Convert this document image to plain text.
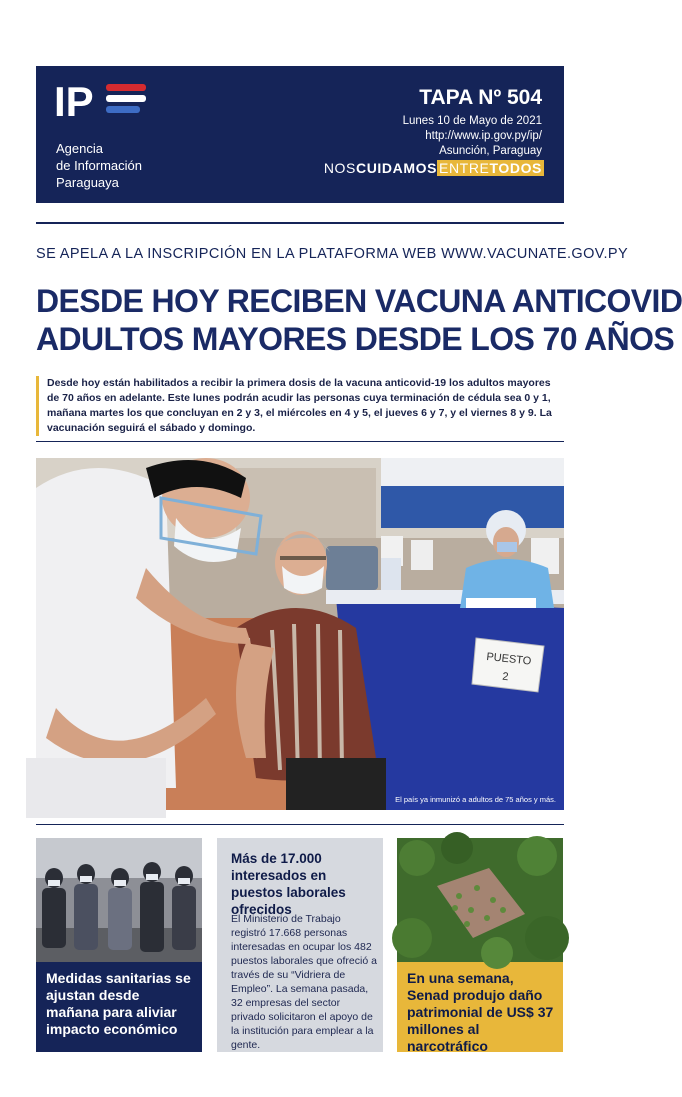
IP
Agencia
de Información
Paraguaya
TAPA Nº 504
Lunes 10 de Mayo de 2021
http://www.ip.gov.py/ip/
Asunción, Paraguay
NOSCUIDAMOS ENTRETODOS
SE APELA A LA INSCRIPCIÓN EN LA PLATAFORMA WEB WWW.VACUNATE.GOV.PY
DESDE HOY RECIBEN VACUNA ANTICOVID
ADULTOS MAYORES DESDE LOS 70 AÑOS
Desde hoy están habilitados a recibir la primera dosis de la vacuna anticovid-19 los adultos mayores de 70 años en adelante. Este lunes podrán acudir las personas cuya terminación de cédula sea 0 y 1, mañana martes los que concluyan en 2 y 3, el miércoles en 4 y 5, el jueves 6 y 7, y el viernes 8 y 9. La vacunación seguirá el sábado y domingo.
PUESTO
2
El país ya inmunizó a adultos de 75 años y más.
Medidas sanitarias se ajustan desde mañana para aliviar impacto económico
Más de 17.000 interesados en puestos laborales ofrecidos
El Ministerio de Trabajo registró 17.668 personas interesadas en ocupar los 482 puestos laborales que ofreció a través de su “Vidriera de Empleo”. La semana pasada, 32 empresas del sector privado solicitaron el apoyo de la institución para emplear a la gente.
En una semana, Senad produjo daño patrimonial de US$ 37 millones al narcotráfico
